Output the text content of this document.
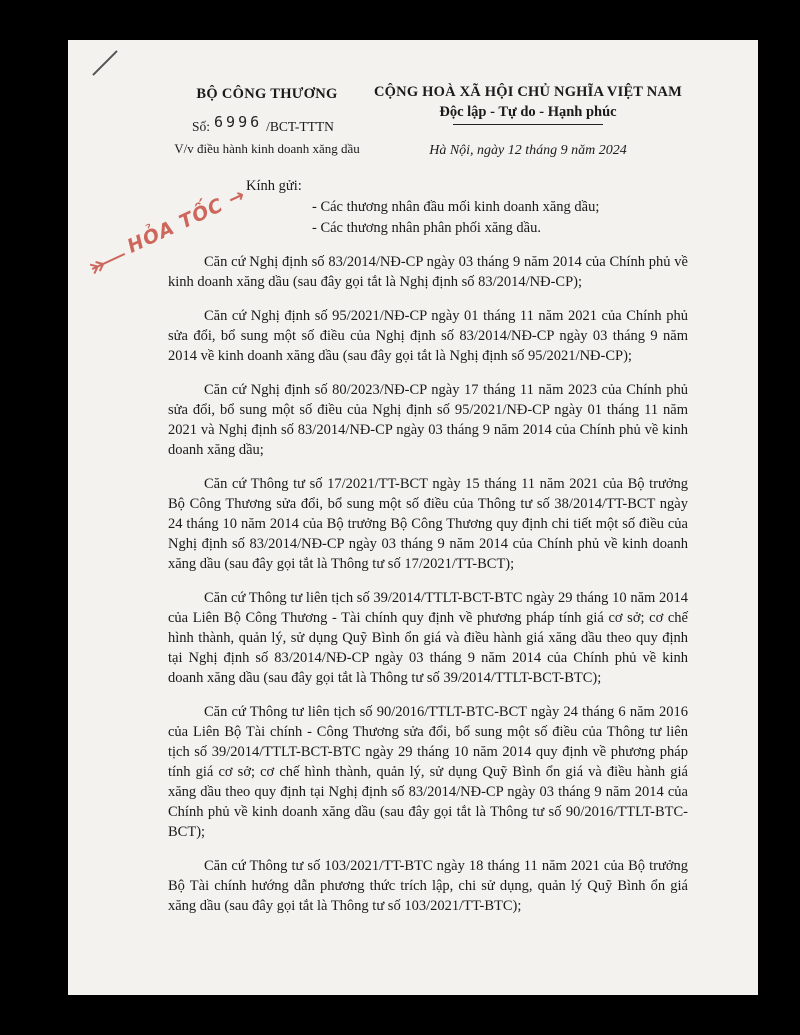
BỘ CÔNG THƯƠNG
Số: 6996 /BCT-TTTN
V/v điều hành kinh doanh xăng dầu
CỘNG HOÀ XÃ HỘI CHỦ NGHĨA VIỆT NAM
Độc lập - Tự do - Hạnh phúc
Hà Nội, ngày 12 tháng 9 năm 2024
HỎA TỐC →
Kính gửi:
- Các thương nhân đầu mối kinh doanh xăng dầu;
- Các thương nhân phân phối xăng dầu.

Căn cứ Nghị định số 83/2014/NĐ-CP ngày 03 tháng 9 năm 2014 của Chính phủ về kinh doanh xăng dầu (sau đây gọi tắt là Nghị định số 83/2014/NĐ-CP);

Căn cứ Nghị định số 95/2021/NĐ-CP ngày 01 tháng 11 năm 2021 của Chính phủ sửa đổi, bổ sung một số điều của Nghị định số 83/2014/NĐ-CP ngày 03 tháng 9 năm 2014 về kinh doanh xăng dầu (sau đây gọi tắt là Nghị định số 95/2021/NĐ-CP);

Căn cứ Nghị định số 80/2023/NĐ-CP ngày 17 tháng 11 năm 2023 của Chính phủ sửa đổi, bổ sung một số điều của Nghị định số 95/2021/NĐ-CP ngày 01 tháng 11 năm 2021 và Nghị định số 83/2014/NĐ-CP ngày 03 tháng 9 năm 2014 của Chính phủ về kinh doanh xăng dầu;

Căn cứ Thông tư số 17/2021/TT-BCT ngày 15 tháng 11 năm 2021 của Bộ trưởng Bộ Công Thương sửa đổi, bổ sung một số điều của Thông tư số 38/2014/TT-BCT ngày 24 tháng 10 năm 2014 của Bộ trưởng Bộ Công Thương quy định chi tiết một số điều của Nghị định số 83/2014/NĐ-CP ngày 03 tháng 9 năm 2014 của Chính phủ về kinh doanh xăng dầu (sau đây gọi tắt là Thông tư số 17/2021/TT-BCT);

Căn cứ Thông tư liên tịch số 39/2014/TTLT-BCT-BTC ngày 29 tháng 10 năm 2014 của Liên Bộ Công Thương - Tài chính quy định về phương pháp tính giá cơ sở; cơ chế hình thành, quản lý, sử dụng Quỹ Bình ổn giá và điều hành giá xăng dầu theo quy định tại Nghị định số 83/2014/NĐ-CP ngày 03 tháng 9 năm 2014 của Chính phủ về kinh doanh xăng dầu (sau đây gọi tắt là Thông tư số 39/2014/TTLT-BCT-BTC);

Căn cứ Thông tư liên tịch số 90/2016/TTLT-BTC-BCT ngày 24 tháng 6 năm 2016 của Liên Bộ Tài chính - Công Thương sửa đổi, bổ sung một số điều của Thông tư liên tịch số 39/2014/TTLT-BCT-BTC ngày 29 tháng 10 năm 2014 quy định về phương pháp tính giá cơ sở; cơ chế hình thành, quản lý, sử dụng Quỹ Bình ổn giá và điều hành giá xăng dầu theo quy định tại Nghị định số 83/2014/NĐ-CP ngày 03 tháng 9 năm 2014 của Chính phủ về kinh doanh xăng dầu (sau đây gọi tắt là Thông tư số 90/2016/TTLT-BTC-BCT);

Căn cứ Thông tư số 103/2021/TT-BTC ngày 18 tháng 11 năm 2021 của Bộ trưởng Bộ Tài chính hướng dẫn phương thức trích lập, chi sử dụng, quản lý Quỹ Bình ổn giá xăng dầu (sau đây gọi tắt là Thông tư số 103/2021/TT-BTC);
